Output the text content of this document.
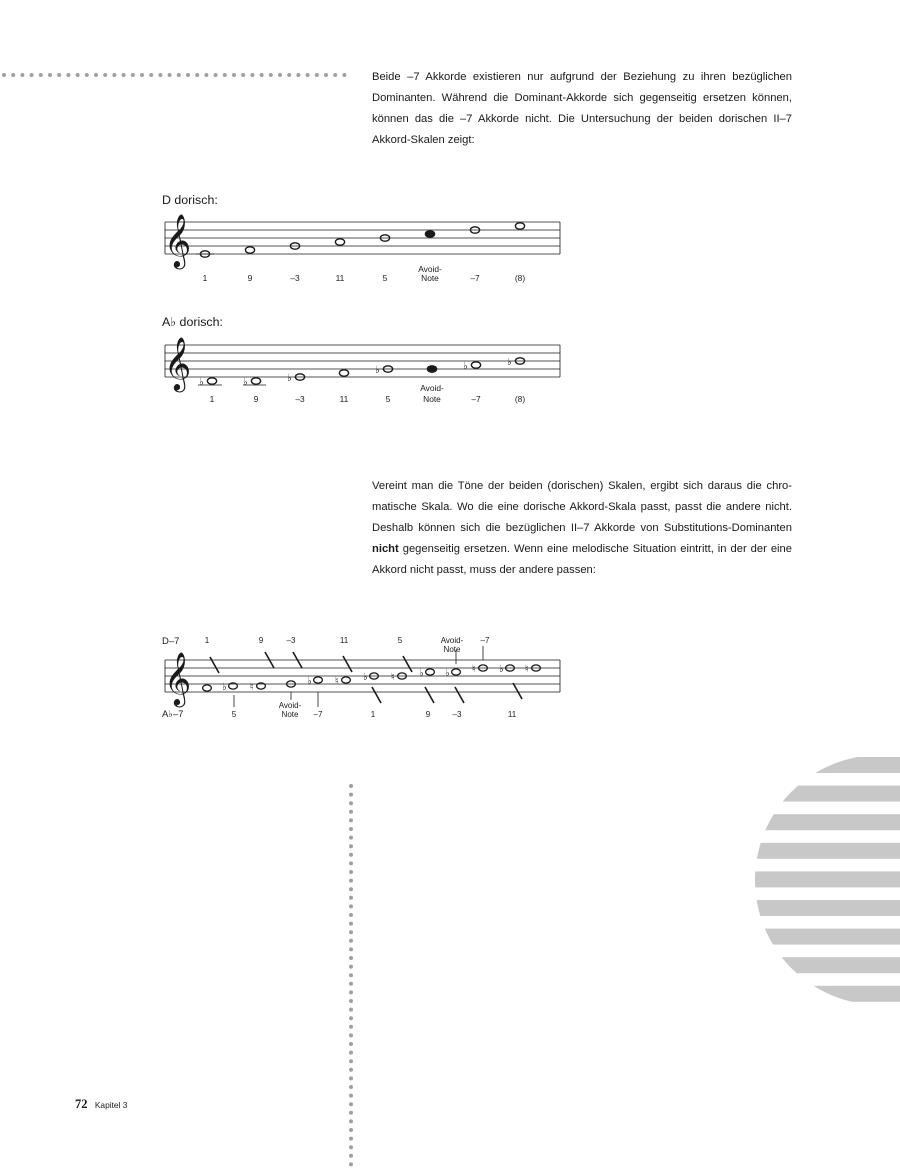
Beide –7 Akkorde existieren nur aufgrund der Beziehung zu ihren bezüglichen Dominanten. Während die Dominant-Akkorde sich gegenseitig ersetzen können, können das die –7 Akkorde nicht. Die Untersuchung der beiden dorischen II–7 Akkord-Skalen zeigt:

D dorisch:

A♭ dorisch:

𝄞
1	9	–3	11	5
Avoid-
Note	–7	(8)
𝄞 ♭	♭	♭
♭	♭	♭
1	9	–3	11	5
Avoid-
Note	–7	(8)

Vereint man die Töne der beiden (dorischen) Skalen, ergibt sich daraus die chromatische Skala. Wo die eine dorische Akkord-Skala passt, passt die andere nicht. Deshalb können sich die bezüglichen II–7 Akkorde von Substitutions-Dominanten nicht gegenseitig ersetzen. Wenn eine melodische Situation eintritt, in der der eine Akkord nicht passt, muss der andere passen:

D–7
A♭–7
𝄞	♭ ♮
♭ ♮ ♭ ♮ ♭ ♭ ♮ ♭ ♮
1	9	–3	11	5	Avoid-
Note
–7
5
Avoid-
Note –7	1	9	–3	11
72 Kapitel 3
